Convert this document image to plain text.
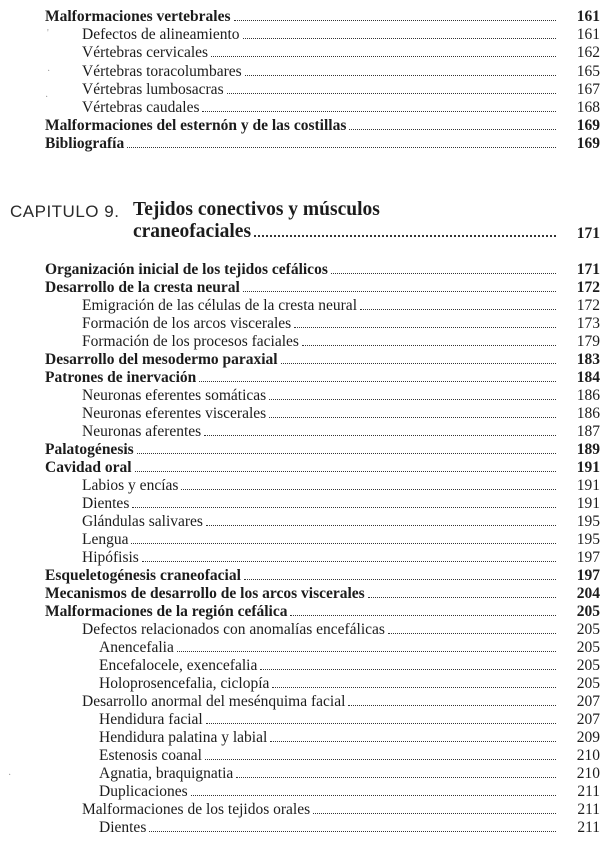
Malformaciones vertebrales	161
Defectos de alineamiento	161
Vértebras cervicales	162
Vértebras toracolumbares	165
Vértebras lumbosacras	167
Vértebras caudales	168
Malformaciones del esternón y de las costillas	169
Bibliografía	169
CAPITULO 9. Tejidos conectivos y músculos
craneofaciales	171
Organización inicial de los tejidos cefálicos	171
Desarrollo de la cresta neural	172
Emigración de las células de la cresta neural	172
Formación de los arcos viscerales	173
Formación de los procesos faciales	179
Desarrollo del mesodermo paraxial	183
Patrones de inervación	184
Neuronas eferentes somáticas	186
Neuronas eferentes viscerales	186
Neuronas aferentes	187
Palatogénesis	189
Cavidad oral	191
Labios y encías	191
Dientes	191
Glándulas salivares	195
Lengua	195
Hipófisis	197
Esqueletogénesis craneofacial	197
Mecanismos de desarrollo de los arcos viscerales	204
Malformaciones de la región cefálica	205
Defectos relacionados con anomalías encefálicas	205
Anencefalia	205
Encefalocele, exencefalia	205
Holoprosencefalia, ciclopía	205
Desarrollo anormal del mesénquima facial	207
Hendidura facial	207
Hendidura palatina y labial	209
Estenosis coanal	210
Agnatia, braquignatia	210
Duplicaciones	211
Malformaciones de los tejidos orales	211
Dientes	211
'
·
·
·
